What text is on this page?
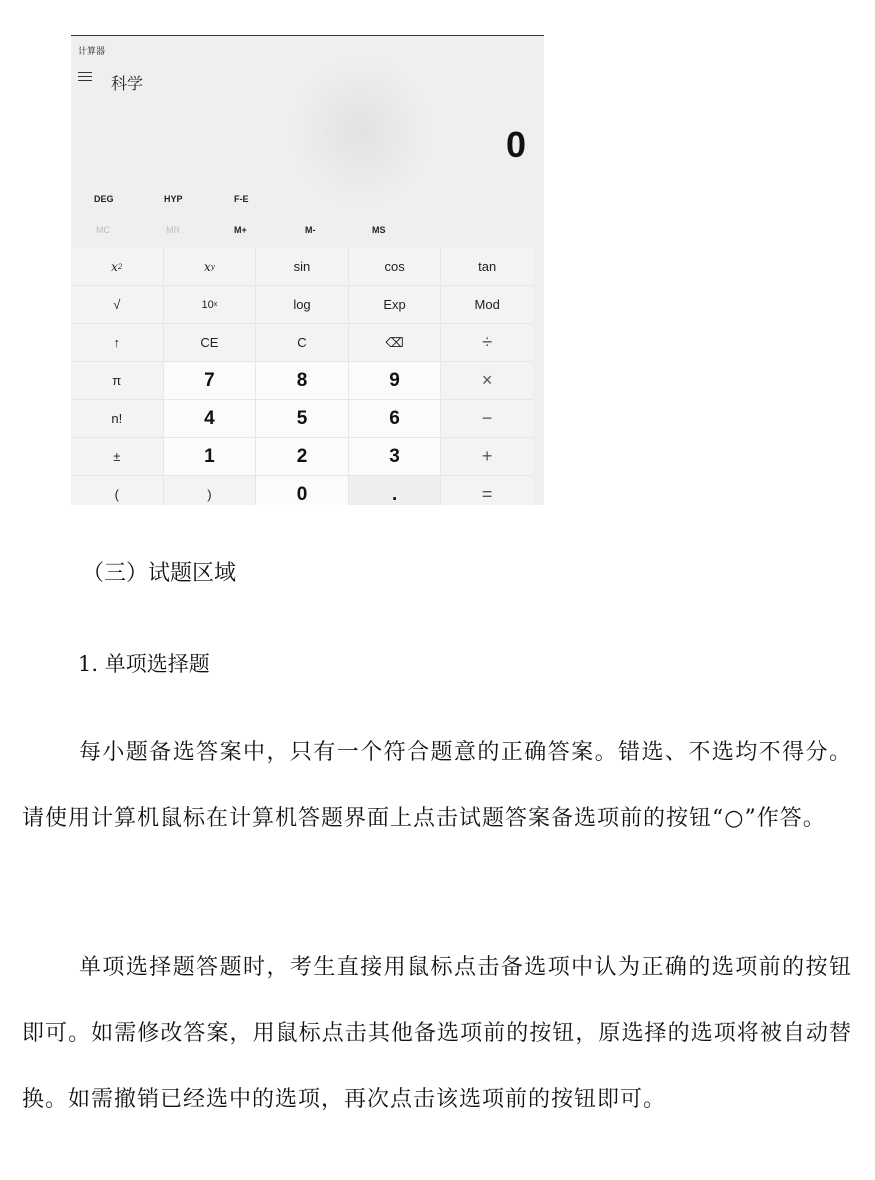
计算器
科学
0
DEG	HYP	F-E
MC	MR	M+	M-	MS
x 2	x y	sin	cos	tan
√	10 x	log	Exp	Mod
↑	CE	C	⌫	÷
π	7	8	9	×
n!	4	5	6	−
±	1	2	3	+
(	)	0	.	=
（三）试题区域
1. 单项选择题
每小题备选答案中，只有一个符合题意的正确答案。错选、不选均不得分。请使用计算机鼠标在计算机答题界面上点击试题答案备选项前的按钮“○”作答。
单项选择题答题时，考生直接用鼠标点击备选项中认为正确的选项前的按钮即可。如需修改答案，用鼠标点击其他备选项前的按钮，原选择的选项将被自动替换。如需撤销已经选中的选项，再次点击该选项前的按钮即可。
